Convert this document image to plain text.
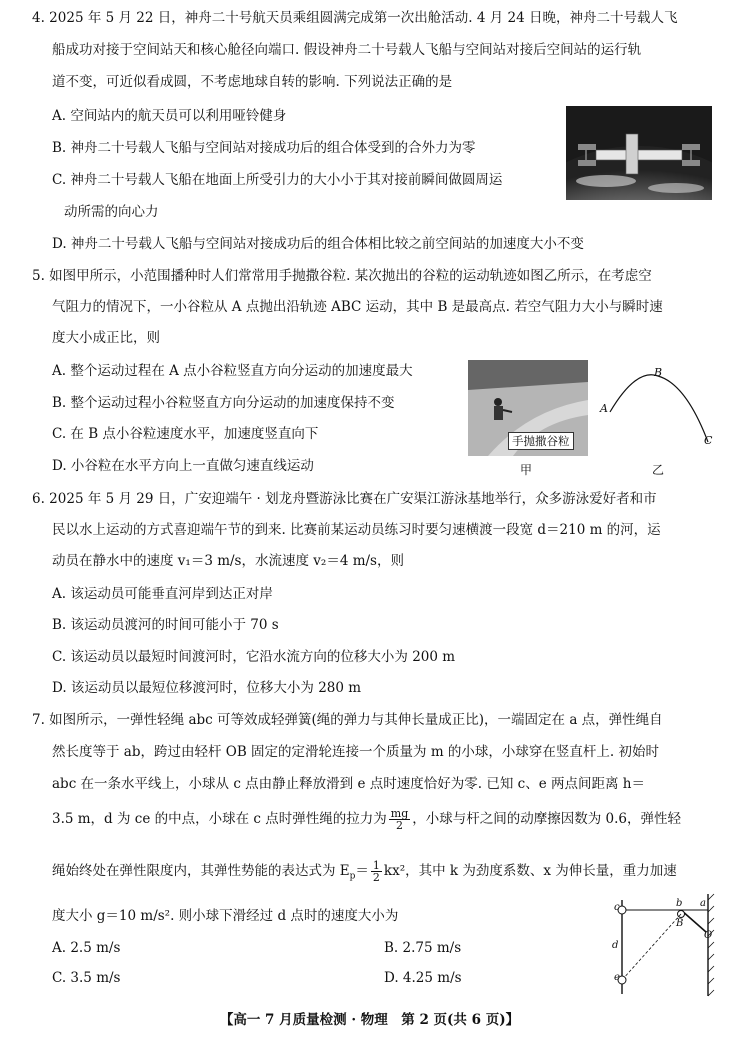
4. 2025 年 5 月 22 日，神舟二十号航天员乘组圆满完成第一次出舱活动. 4 月 24 日晚，神舟二十号载人飞
船成功对接于空间站天和核心舱径向端口. 假设神舟二十号载人飞船与空间站对接后空间站的运行轨
道不变，可近似看成圆，不考虑地球自转的影响. 下列说法正确的是
A. 空间站内的航天员可以利用哑铃健身
B. 神舟二十号载人飞船与空间站对接成功后的组合体受到的合外力为零
C. 神舟二十号载人飞船在地面上所受引力的大小小于其对接前瞬间做圆周运
动所需的向心力
D. 神舟二十号载人飞船与空间站对接成功后的组合体相比较之前空间站的加速度大小不变
5. 如图甲所示，小范围播种时人们常常用手抛撒谷粒. 某次抛出的谷粒的运动轨迹如图乙所示，在考虑空
气阻力的情况下，一小谷粒从 A 点抛出沿轨迹 ABC 运动，其中 B 是最高点. 若空气阻力大小与瞬时速
度大小成正比，则
A. 整个运动过程在 A 点小谷粒竖直方向分运动的加速度最大
B. 整个运动过程小谷粒竖直方向分运动的加速度保持不变
C. 在 B 点小谷粒速度水平，加速度竖直向下
D. 小谷粒在水平方向上一直做匀速直线运动
手抛撒谷粒
甲	乙
A
B
C
6. 2025 年 5 月 29 日，广安迎端午 · 划龙舟暨游泳比赛在广安渠江游泳基地举行，众多游泳爱好者和市
民以水上运动的方式喜迎端午节的到来. 比赛前某运动员练习时要匀速横渡一段宽 d＝210 m 的河，运
动员在静水中的速度 v₁＝3 m/s，水流速度 v₂＝4 m/s，则
A. 该运动员可能垂直河岸到达正对岸
B. 该运动员渡河的时间可能小于 70 s
C. 该运动员以最短时间渡河时，它沿水流方向的位移大小为 200 m
D. 该运动员以最短位移渡河时，位移大小为 280 m
7. 如图所示，一弹性轻绳 abc 可等效成轻弹簧(绳的弹力与其伸长量成正比)，一端固定在 a 点，弹性绳自
然长度等于 ab，跨过由轻杆 OB 固定的定滑轮连接一个质量为 m 的小球，小球穿在竖直杆上. 初始时
abc 在一条水平线上，小球从 c 点由静止释放滑到 e 点时速度恰好为零. 已知 c、e 两点间距离 h＝
3.5 m，d 为 ce 的中点，小球在 c 点时弹性绳的拉力为 $\frac{mg}{2}$ ，小球与杆之间的动摩擦因数为 0.6，弹性轻
绳始终处在弹性限度内，其弹性势能的表达式为 $E_p= \frac{1}{2} kx^2$，其中 k 为劲度系数、x 为伸长量，重力加速
度大小 g＝10 m/s². 则小球下滑经过 d 点时的速度大小为
A. 2.5 m/s	B. 2.75 m/s
C. 3.5 m/s	D. 4.25 m/s
c	b a
B
O
d
e
【高一 7 月质量检测 · 物理　第 2 页(共 6 页)】
